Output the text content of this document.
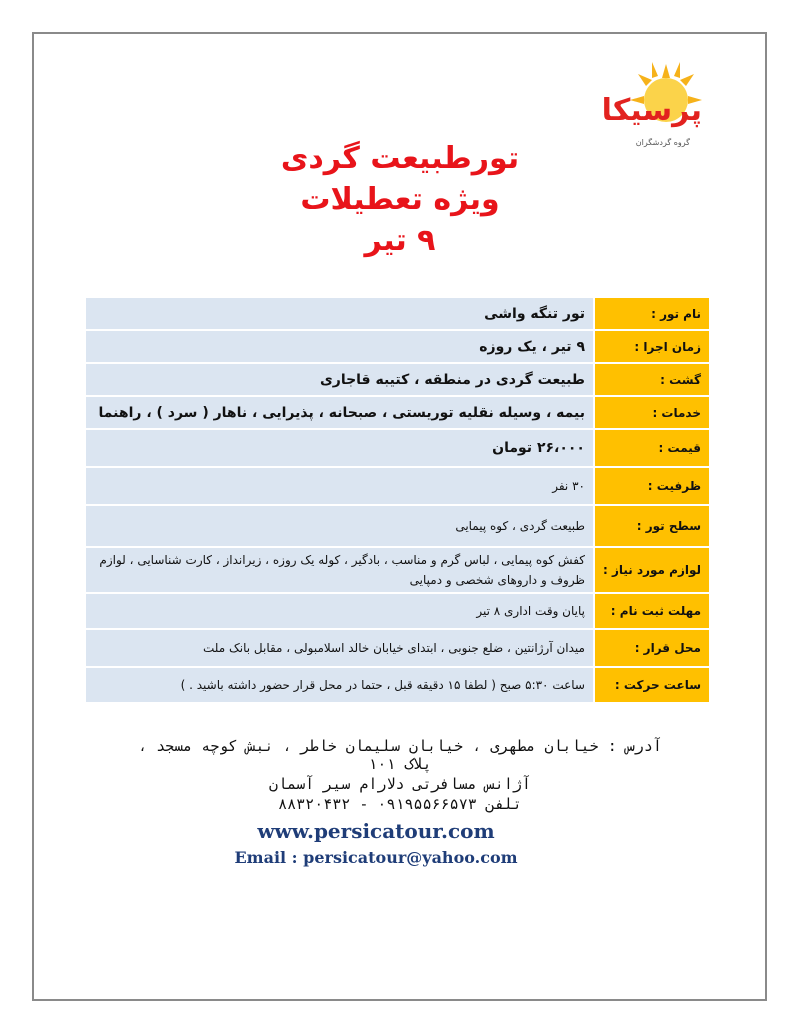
پرسیکا
گروه گردشگران
تورطبیعت گردی
ویژه تعطیلات
۹ تیر
نام تور :	تور تنگه واشی
زمان اجرا :	۹ تیر ، یک روزه
گشت :	طبیعت گردی در منطقه ، کتیبه قاجاری
خدمات :	بیمه ، وسیله نقلیه توریستی ، صبحانه ، پذیرایی ، ناهار ( سرد ) ، راهنما
قیمت :	۲۶،۰۰۰ تومان
ظرفیت :	۳۰ نفر
سطح تور :	طبیعت گردی ، کوه پیمایی
لوازم مورد نیاز :	کفش کوه پیمایی ، لباس گرم و مناسب ، بادگیر ، کوله یک روزه ، زیرانداز ، کارت شناسایی ، لوازم ظروف و داروهای شخصی و دمپایی
مهلت ثبت نام :	پایان وقت اداری ۸ تیر
محل قرار :	میدان آرژانتین ، ضلع جنوبی ، ابتدای خیابان خالد اسلامبولی ، مقابل بانک ملت
ساعت حرکت :	ساعت ۵:۳۰ صبح ( لطفا ۱۵ دقیقه قبل ، حتما در محل قرار حضور داشته باشید . )
آدرس : خیابان مطهری ، خیابان سلیمان خاطر ، نبش کوچه مسجد ،
پلاک ۱۰۱
آژانس مسافرتی دلارام سیر آسمان
تلفن ۰۹۱۹۵۵۶۶۵۷۳ - ۸۸۳۲۰۴۳۲
www.persicatour.com
Email : persicatour@yahoo.com
